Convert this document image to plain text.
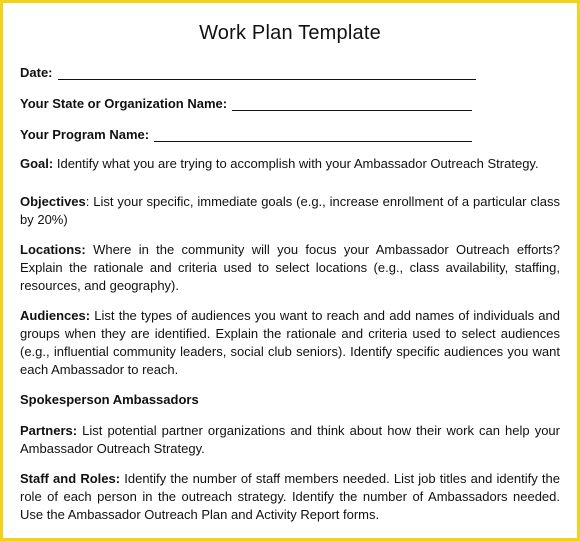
Work Plan Template
Date:
Your State or Organization Name:
Your Program Name:
Goal: Identify what you are trying to accomplish with your Ambassador Outreach Strategy.
Objectives: List your specific, immediate goals (e.g., increase enrollment of a particular class by 20%)
Locations: Where in the community will you focus your Ambassador Outreach efforts? Explain the rationale and criteria used to select locations (e.g., class availability, staffing, resources, and geography).
Audiences: List the types of audiences you want to reach and add names of individuals and groups when they are identified. Explain the rationale and criteria used to select audiences (e.g., influential community leaders, social club seniors). Identify specific audiences you want each Ambassador to reach.
Spokesperson Ambassadors
Partners: List potential partner organizations and think about how their work can help your Ambassador Outreach Strategy.
Staff and Roles: Identify the number of staff members needed. List job titles and identify the role of each person in the outreach strategy. Identify the number of Ambassadors needed. Use the Ambassador Outreach Plan and Activity Report forms.
